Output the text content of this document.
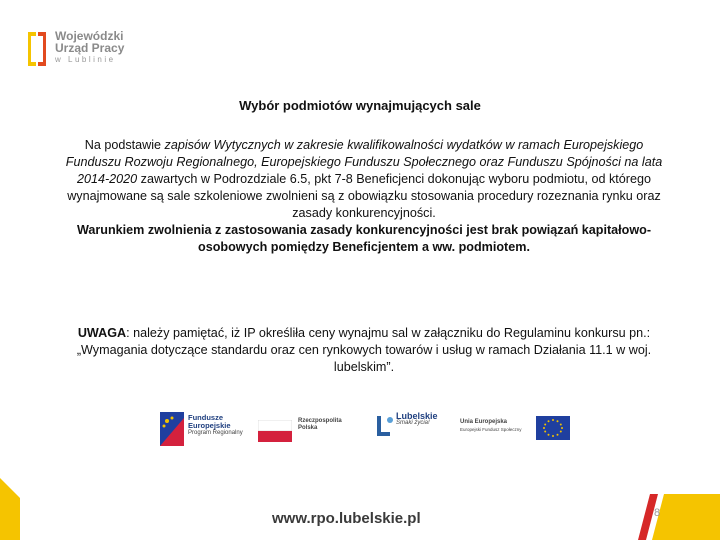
Wojewódzki
Urząd Pracy
w Lublinie
Wybór podmiotów wynajmujących sale

Na podstawie zapisów Wytycznych w zakresie kwalifikowalności wydatków w ramach Europejskiego Funduszu Rozwoju Regionalnego, Europejskiego Funduszu Społecznego oraz Funduszu Spójności na lata 2014-2020 zawartych w Podrozdziale 6.5, pkt 7-8 Beneficjenci dokonując wyboru podmiotu, od którego wynajmowane są sale szkoleniowe zwolnieni są z obowiązku stosowania procedury rozeznania rynku oraz zasady konkurencyjności.

Warunkiem zwolnienia z zastosowania zasady konkurencyjności jest brak powiązań kapitałowo-osobowych pomiędzy Beneficjentem a ww. podmiotem.

UWAGA: należy pamiętać, iż IP określiła ceny wynajmu sal w załączniku do Regulaminu konkursu pn.: „Wymagania dotyczące standardu oraz cen rynkowych towarów i usług w ramach Działania 11.1 w woj. lubelskim”.
Fundusze
Europejskie
Program Regionalny
Rzeczpospolita
Polska
Lubelskie
Smaki życia!	Unia Europejska
Europejski Fundusz Społeczny
www.rpo.lubelskie.pl	8
